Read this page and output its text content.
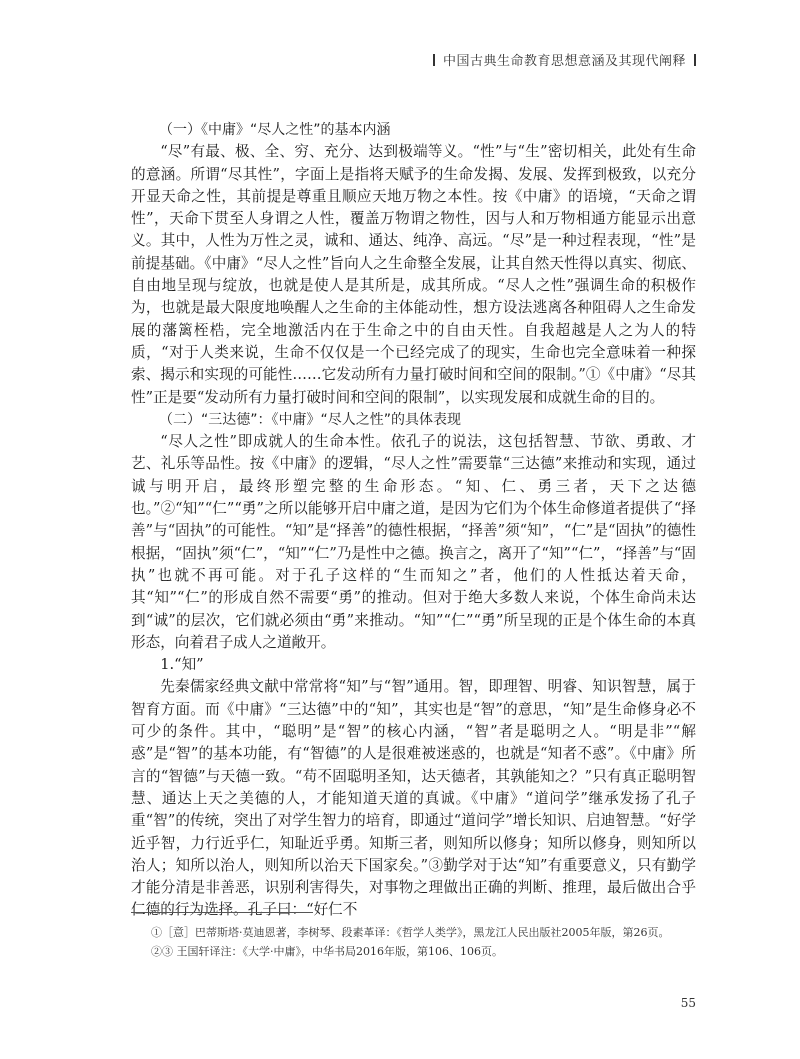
中国古典生命教育思想意涵及其现代阐释
（一）《中庸》“尽人之性”的基本内涵

“尽”有最、极、全、穷、充分、达到极端等义。“性”与“生”密切相关，此处有生命的意涵。所谓“尽其性”，字面上是指将天赋予的生命发揭、发展、发挥到极致，以充分开显天命之性，其前提是尊重且顺应天地万物之本性。按《中庸》的语境，“天命之谓性”，天命下贯至人身谓之人性，覆盖万物谓之物性，因与人和万物相通方能显示出意义。其中，人性为万性之灵，诚和、通达、纯净、高远。“尽”是一种过程表现，“性”是前提基础。《中庸》“尽人之性”旨向人之生命整全发展，让其自然天性得以真实、彻底、自由地呈现与绽放，也就是使人是其所是，成其所成。“尽人之性”强调生命的积极作为，也就是最大限度地唤醒人之生命的主体能动性，想方设法逃离各种阻碍人之生命发展的藩篱桎梏，完全地激活内在于生命之中的自由天性。自我超越是人之为人的特质，“对于人类来说，生命不仅仅是一个已经完成了的现实，生命也完全意味着一种探索、揭示和实现的可能性……它发动所有力量打破时间和空间的限制。”①《中庸》“尽其性”正是要“发动所有力量打破时间和空间的限制”，以实现发展和成就生命的目的。

（二）“三达德”：《中庸》“尽人之性”的具体表现

“尽人之性”即成就人的生命本性。依孔子的说法，这包括智慧、节欲、勇敢、才艺、礼乐等品性。按《中庸》的逻辑，“尽人之性”需要靠“三达德”来推动和实现，通过诚与明开启，最终形塑完整的生命形态。“知、仁、勇三者，天下之达德也。”②“知”“仁”“勇”之所以能够开启中庸之道，是因为它们为个体生命修道者提供了“择善”与“固执”的可能性。“知”是“择善”的德性根据，“择善”须“知”，“仁”是“固执”的德性根据，“固执”须“仁”，“知”“仁”乃是性中之德。换言之，离开了“知”“仁”，“择善”与“固执”也就不再可能。对于孔子这样的“生而知之”者，他们的人性抵达着天命，其“知”“仁”的形成自然不需要“勇”的推动。但对于绝大多数人来说，个体生命尚未达到“诚”的层次，它们就必须由“勇”来推动。“知”“仁”“勇”所呈现的正是个体生命的本真形态，向着君子成人之道敞开。

1.“知”

先秦儒家经典文献中常常将“知”与“智”通用。智，即理智、明睿、知识智慧，属于智育方面。而《中庸》“三达德”中的“知”，其实也是“智”的意思，“知”是生命修身必不可少的条件。其中，“聪明”是“智”的核心内涵，“智”者是聪明之人。“明是非”“解惑”是“智”的基本功能，有“智德”的人是很难被迷惑的，也就是“知者不惑”。《中庸》所言的“智德”与天德一致。“苟不固聪明圣知，达天德者，其孰能知之？”只有真正聪明智慧、通达上天之美德的人，才能知道天道的真诚。《中庸》“道问学”继承发扬了孔子重“智”的传统，突出了对学生智力的培育，即通过“道问学”增长知识、启迪智慧。“好学近乎智，力行近乎仁，知耻近乎勇。知斯三者，则知所以修身；知所以修身，则知所以治人；知所以治人，则知所以治天下国家矣。”③勤学对于达“知”有重要意义，只有勤学才能分清是非善恶，识别利害得失，对事物之理做出正确的判断、推理，最后做出合乎仁德的行为选择。孔子曰：“好仁不

①［意］巴蒂斯塔·莫迪恩著，李树琴、段素革译：《哲学人类学》，黑龙江人民出版社2005年版，第26页。

②③ 王国轩译注：《大学·中庸》，中华书局2016年版，第106、106页。

55
